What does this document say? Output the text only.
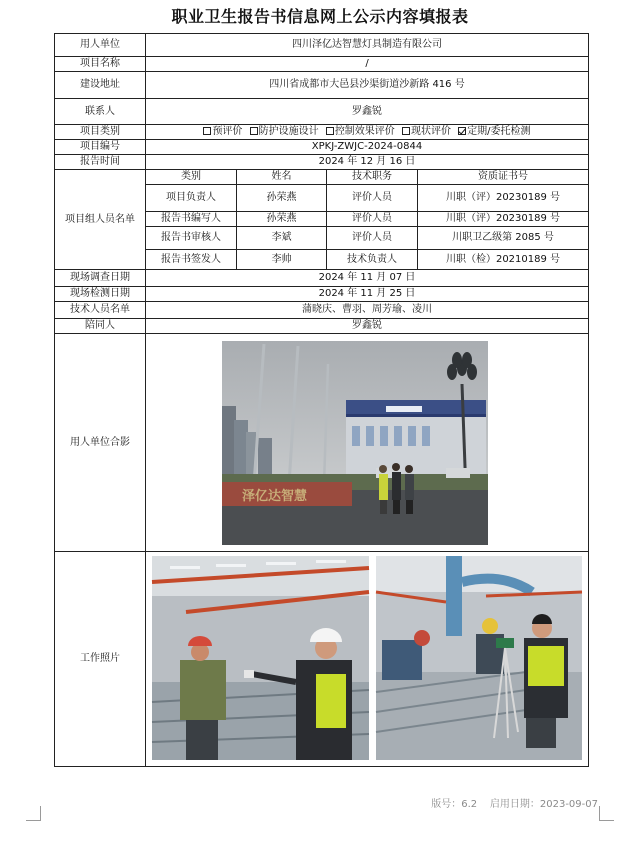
职业卫生报告书信息网上公示内容填报表
用人单位	四川泽亿达智慧灯具制造有限公司			
项目名称	/			
建设地址	四川省成都市大邑县沙渠街道沙新路 416 号			
联系人	罗鑫锐			
项目类别	预评价 防护设施设计 控制效果评价 现状评价 定期/委托检测			
项目编号	XPKJ-ZWJC-2024-0844			
报告时间	2024 年 12 月 16 日			
项目组人员名单	类别	姓名	技术职务	资质证书号
	项目负责人	孙荣燕	评价人员	川职（评）20230189 号
	报告书编写人	孙荣燕	评价人员	川职（评）20230189 号
	报告书审核人	李斌	评价人员	川职卫乙级第 2085 号
	报告书签发人	李帅	技术负责人	川职（检）20210189 号
现场调查日期	2024 年 11 月 07 日			
现场检测日期	2024 年 11 月 25 日			
技术人员名单	蒲晓庆、曹羽、周芳瑜、凌川			
陪同人	罗鑫锐			
用人单位合影	泽亿达智慧			

工作照片	
版号：6.2 启用日期：2023-09-07
